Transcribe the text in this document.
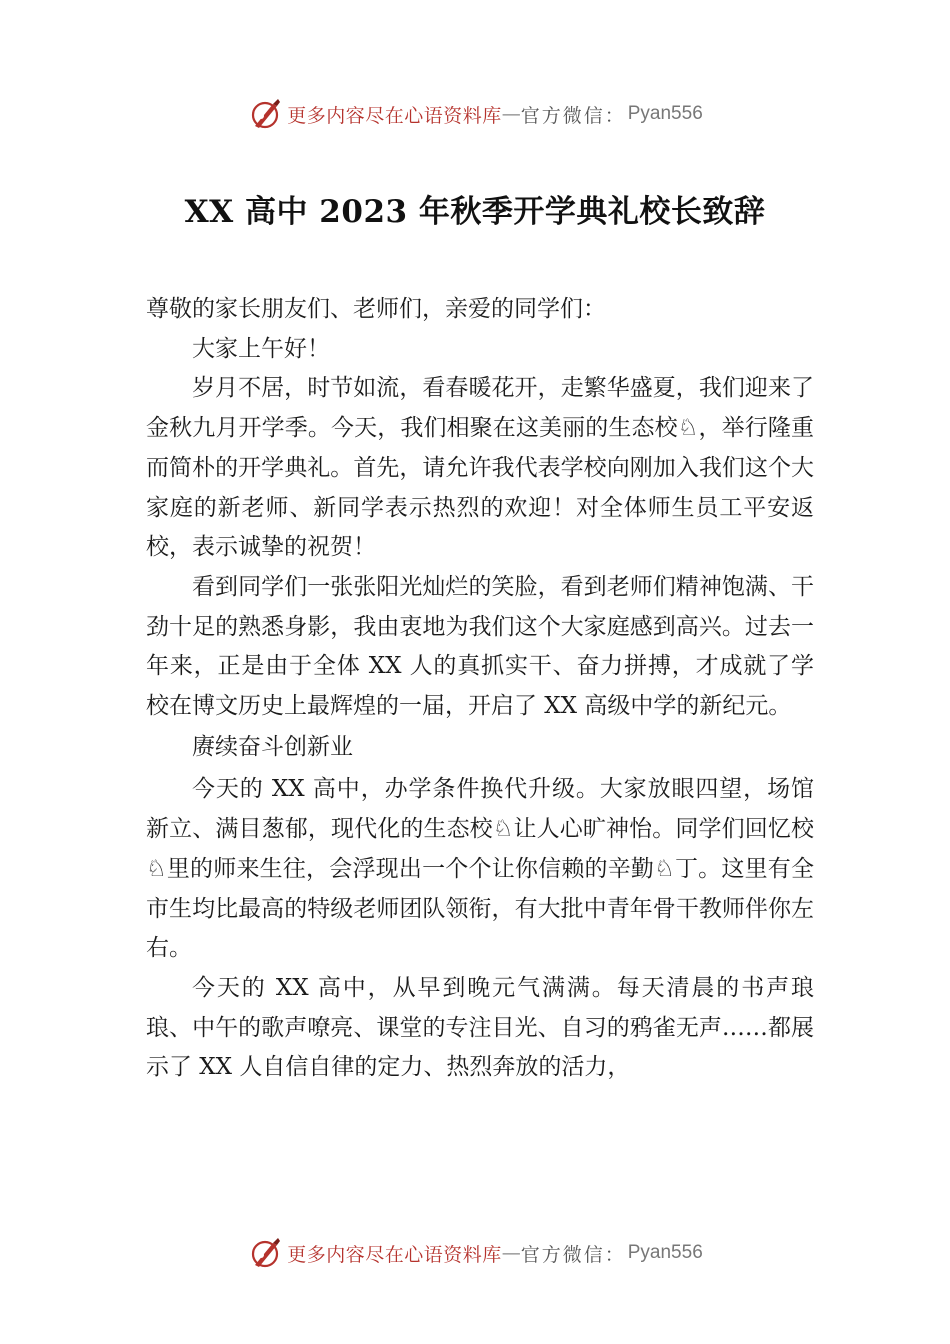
更多内容尽在心语资料库 — 官方微信： Pyan556
XX 高中 2023 年秋季开学典礼校长致辞

尊敬的家长朋友们、老师们，亲爱的同学们：

大家上午好！

岁月不居，时节如流，看春暖花开，走繁华盛夏，我们迎来了金秋九月开学季。今天，我们相聚在这美丽的生态校♘，举行隆重而简朴的开学典礼。首先，请允许我代表学校向刚加入我们这个大家庭的新老师、新同学表示热烈的欢迎！对全体师生员工平安返校，表示诚挚的祝贺！

看到同学们一张张阳光灿烂的笑脸，看到老师们精神饱满、干劲十足的熟悉身影，我由衷地为我们这个大家庭感到高兴。过去一年来，正是由于全体 XX 人的真抓实干、奋力拼搏，才成就了学校在博文历史上最辉煌的一届，开启了 XX 高级中学的新纪元。

赓续奋斗创新业

今天的 XX 高中，办学条件换代升级。大家放眼四望，场馆新立、满目葱郁，现代化的生态校♘让人心旷神怡。同学们回忆校♘里的师来生往，会浮现出一个个让你信赖的辛勤♘丁。这里有全市生均比最高的特级老师团队领衔，有大批中青年骨干教师伴你左右。

今天的 XX 高中，从早到晚元气满满。每天清晨的书声琅琅、中午的歌声嘹亮、课堂的专注目光、自习的鸦雀无声……都展示了 XX 人自信自律的定力、热烈奔放的活力，

更多内容尽在心语资料库 — 官方微信： Pyan556
